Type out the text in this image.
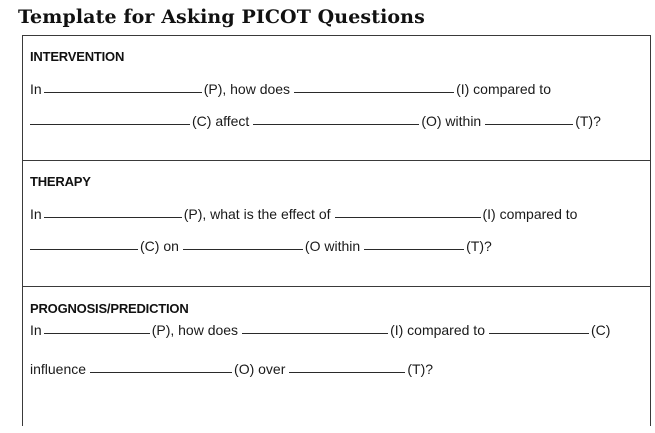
Template for Asking PICOT Questions
INTERVENTION
In	(P), how does	(I) compared to
(C) affect	(O) within	(T)?
THERAPY
In	(P), what is the effect of	(I) compared to
(C) on	(O within	(T)?
PROGNOSIS/PREDICTION
In	(P), how does	(I) compared to	(C)
influence	(O) over	(T)?
